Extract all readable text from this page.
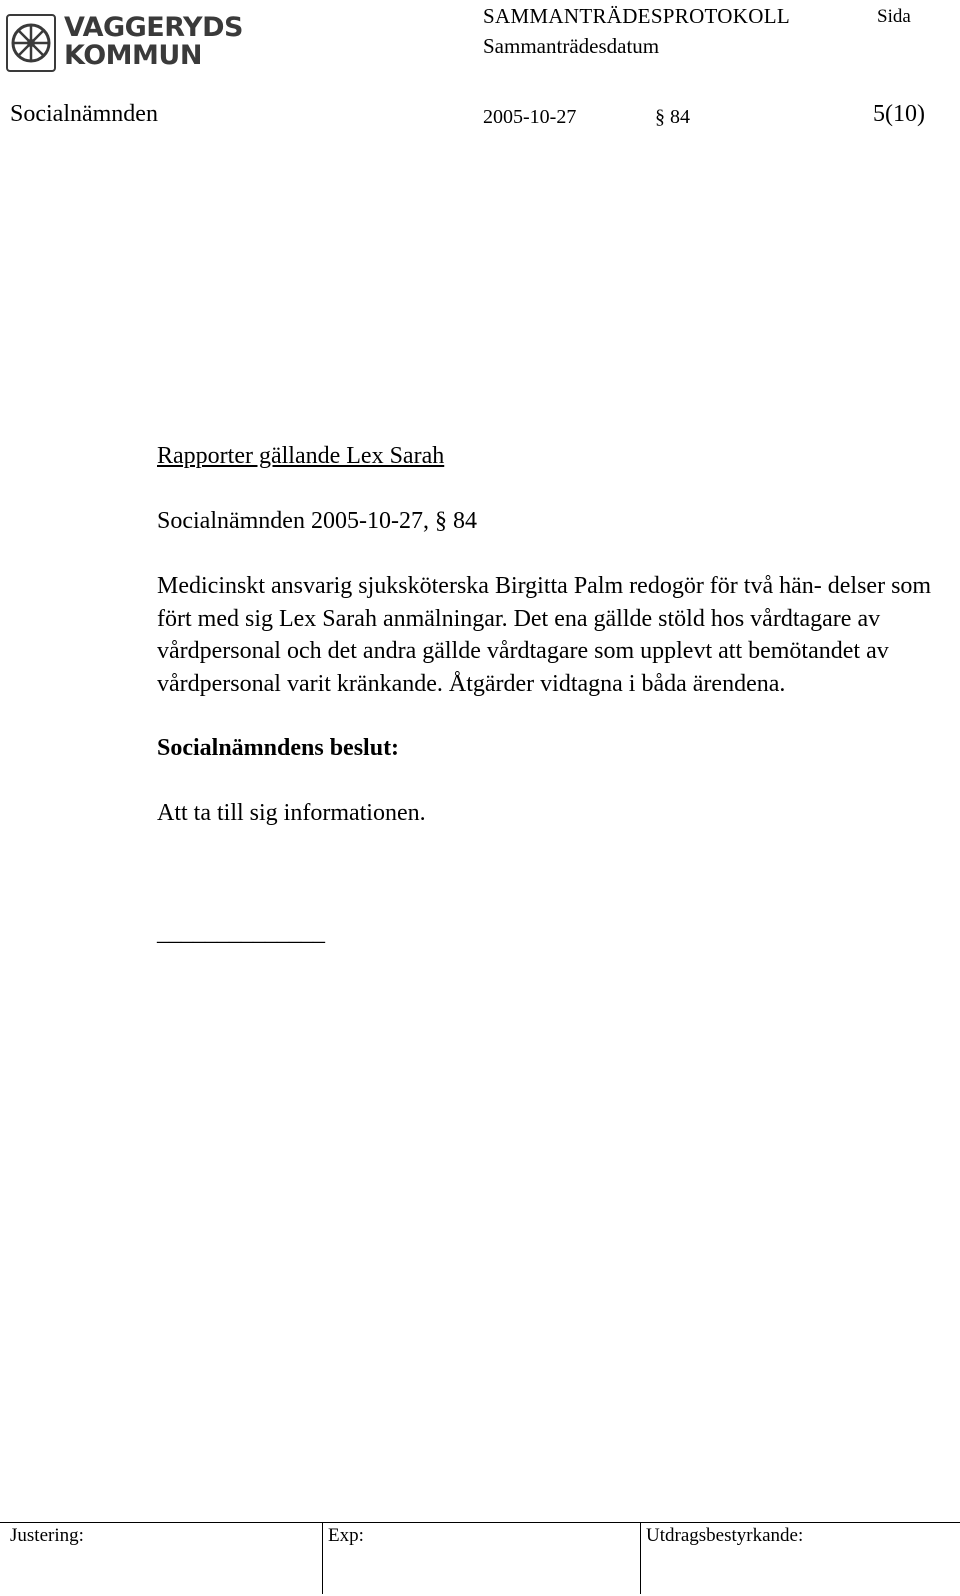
VAGGERYDS
KOMMUN
SAMMANTRÄDESPROTOKOLL	Sida
Sammanträdesdatum
Socialnämnden	2005-10-27	§ 84	5(10)

Rapporter gällande Lex Sarah

Socialnämnden 2005-10-27, § 84

Medicinskt ansvarig sjuksköterska Birgitta Palm redogör för två hän- delser som fört med sig Lex Sarah anmälningar. Det ena gällde stöld hos vårdtagare av vårdpersonal och det andra gällde vårdtagare som upplevt att bemötandet av vårdpersonal varit kränkande. Åtgärder vidtagna i båda ärendena.

Socialnämndens beslut:

Att ta till sig informationen.

______________
Justering:	Exp:	Utdragsbestyrkande:
